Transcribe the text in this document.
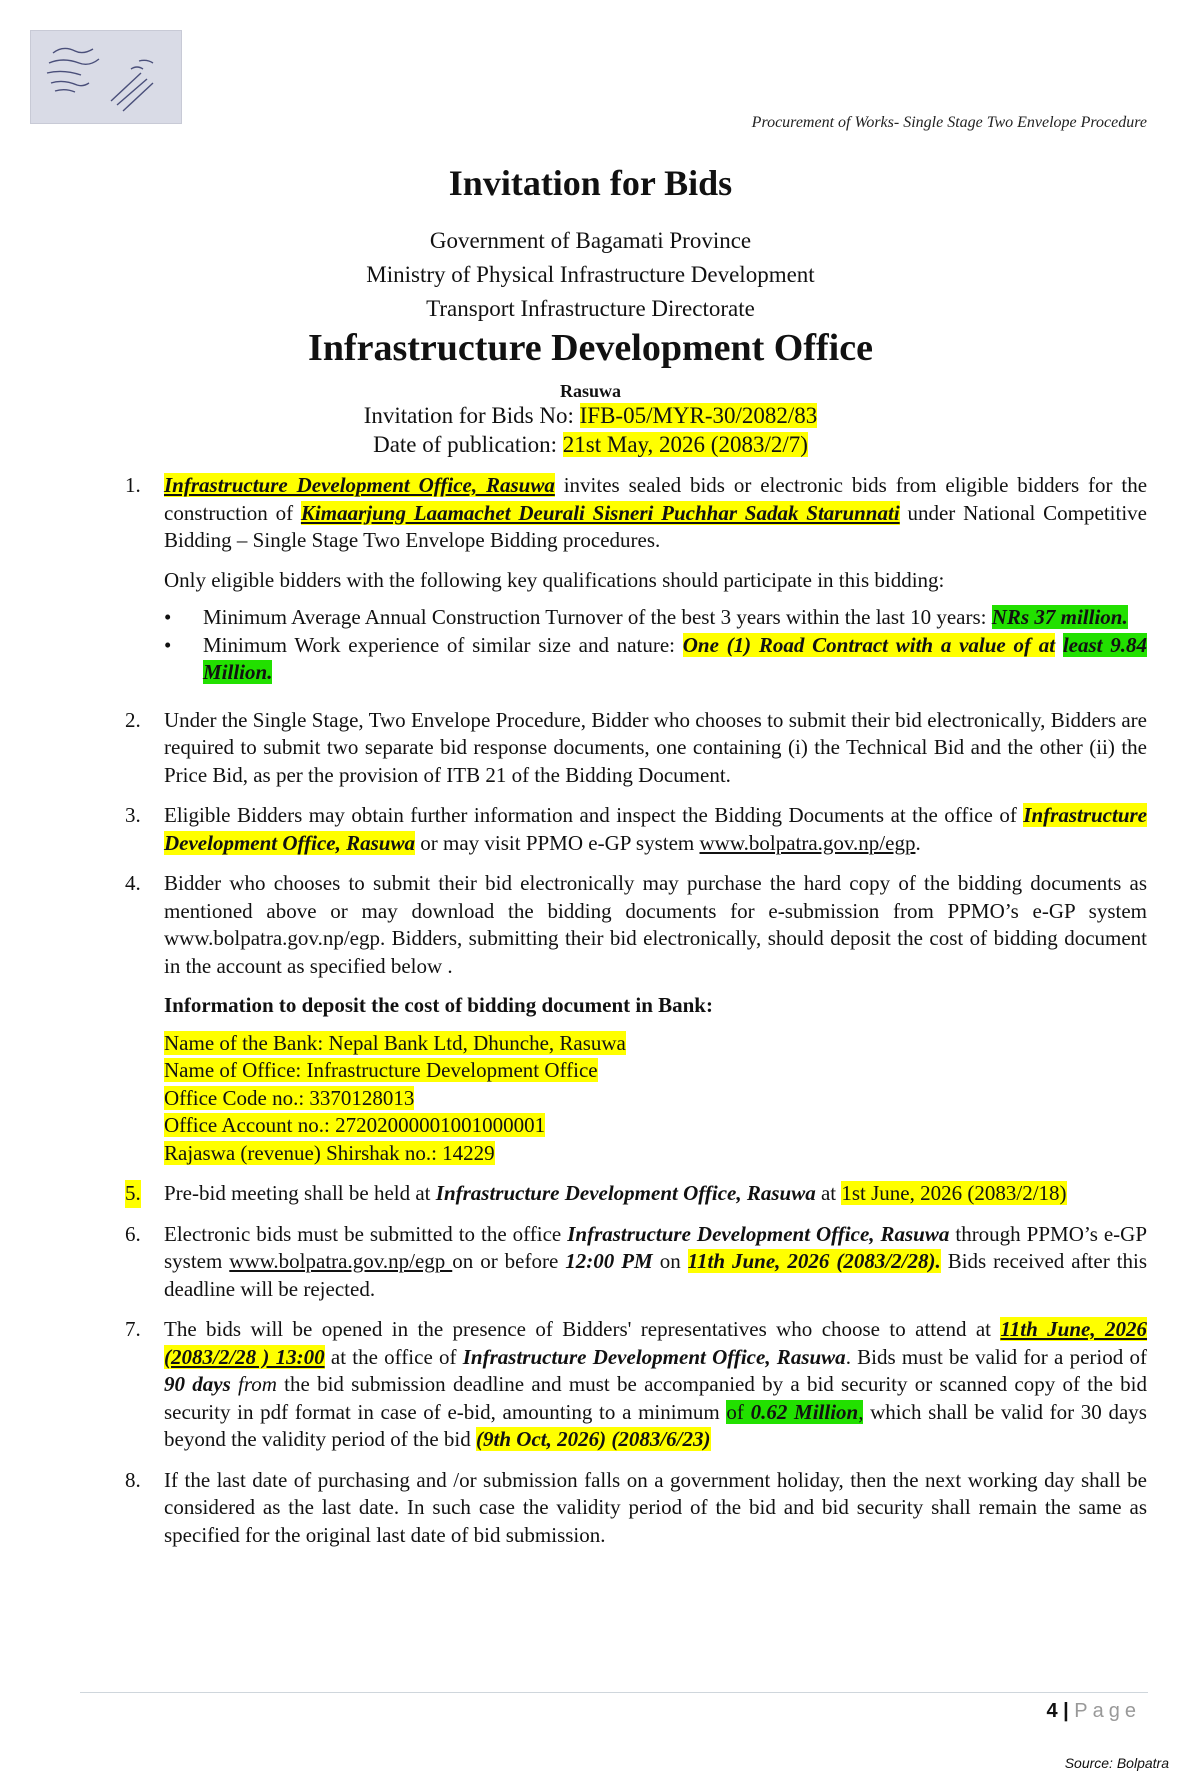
Procurement of Works- Single Stage Two Envelope Procedure
Invitation for Bids
Government of Bagamati Province
Ministry of Physical Infrastructure Development
Transport Infrastructure Directorate
Infrastructure Development Office
Rasuwa
Invitation for Bids No: IFB-05/MYR-30/2082/83
Date of publication: 21st May, 2026 (2083/2/7)
1. Infrastructure Development Office, Rasuwa invites sealed bids or electronic bids from eligible bidders for the construction of Kimaarjung Laamachet Deurali Sisneri Puchhar Sadak Starunnati under National Competitive Bidding – Single Stage Two Envelope Bidding procedures.

Only eligible bidders with the following key qualifications should participate in this bidding:

• Minimum Average Annual Construction Turnover of the best 3 years within the last 10 years: NRs 37 million.
• Minimum Work experience of similar size and nature: One (1) Road Contract with a value of at least 9.84 Million.
2. Under the Single Stage, Two Envelope Procedure, Bidder who chooses to submit their bid electronically, Bidders are required to submit two separate bid response documents, one containing (i) the Technical Bid and the other (ii) the Price Bid, as per the provision of ITB 21 of the Bidding Document.

3. Eligible Bidders may obtain further information and inspect the Bidding Documents at the office of Infrastructure Development Office, Rasuwa or may visit PPMO e-GP system www.bolpatra.gov.np/egp.

4. Bidder who chooses to submit their bid electronically may purchase the hard copy of the bidding documents as mentioned above or may download the bidding documents for e-submission from PPMO’s e-GP system www.bolpatra.gov.np/egp. Bidders, submitting their bid electronically, should deposit the cost of bidding document in the account as specified below .

Information to deposit the cost of bidding document in Bank:

Name of the Bank: Nepal Bank Ltd, Dhunche, Rasuwa
Name of Office: Infrastructure Development Office
Office Code no.: 3370128013
Office Account no.: 27202000001001000001
Rajaswa (revenue) Shirshak no.: 14229
5. Pre-bid meeting shall be held at Infrastructure Development Office, Rasuwa at 1st June, 2026 (2083/2/18)

6. Electronic bids must be submitted to the office Infrastructure Development Office, Rasuwa through PPMO’s e-GP system www.bolpatra.gov.np/egp on or before 12:00 PM on 11th June, 2026 (2083/2/28). Bids received after this deadline will be rejected.

7. The bids will be opened in the presence of Bidders' representatives who choose to attend at 11th June, 2026 (2083/2/28 ) 13:00 at the office of Infrastructure Development Office, Rasuwa. Bids must be valid for a period of 90 days from the bid submission deadline and must be accompanied by a bid security or scanned copy of the bid security in pdf format in case of e-bid, amounting to a minimum of 0.62 Million, which shall be valid for 30 days beyond the validity period of the bid (9th Oct, 2026) (2083/6/23)

8. If the last date of purchasing and /or submission falls on a government holiday, then the next working day shall be considered as the last date. In such case the validity period of the bid and bid security shall remain the same as specified for the original last date of bid submission.

4 | Page
Source: Bolpatra
